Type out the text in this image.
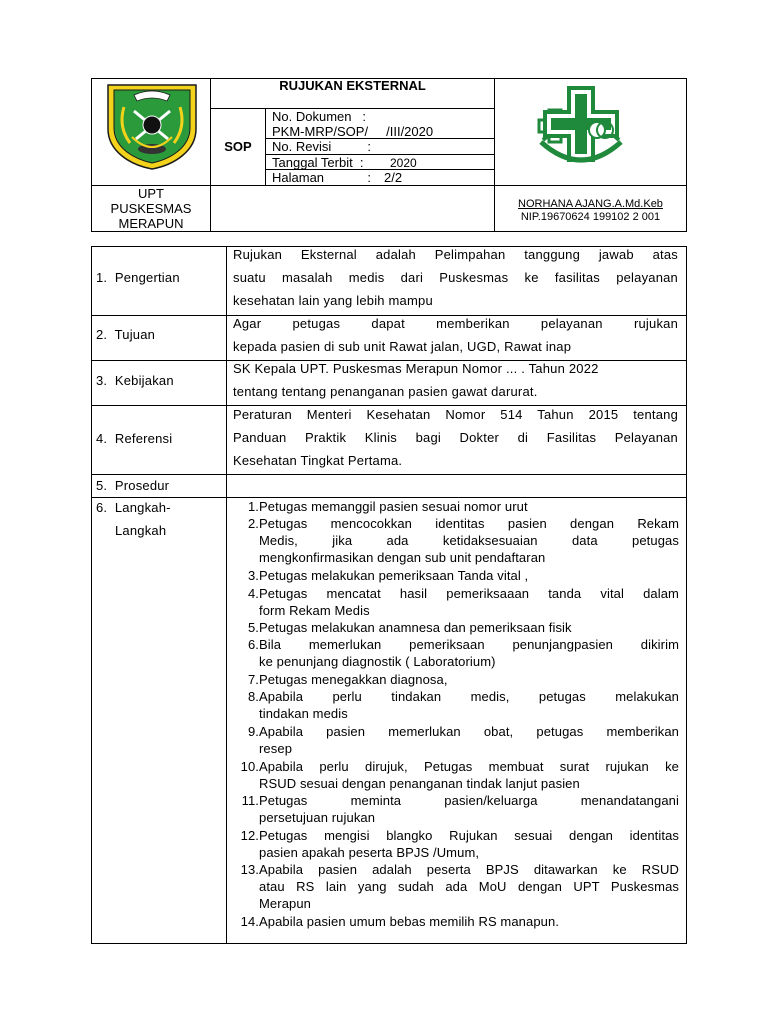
RUJUKAN EKSTERNAL
SOP
No. Dokumen   :
PKM-MRP/SOP/     /III/2020
No. Revisi          :
Tanggal Terbit  : 2020
Halaman            : 2/2
UPT
PUSKESMAS
MERAPUN
NORHANA AJANG.A.Md.Keb
NIP.19670624 199102 2 001
1.  Pengertian
2.  Tujuan
3.  Kebijakan
4.  Referensi
5.  Prosedur
6.  Langkah-
Langkah
Rujukan Eksternal adalah Pelimpahan tanggung jawab atas
suatu masalah medis dari Puskesmas ke fasilitas pelayanan
kesehatan lain yang lebih mampu
Agar petugas dapat memberikan pelayanan rujukan
kepada pasien di sub unit Rawat jalan, UGD, Rawat inap
SK Kepala UPT. Puskesmas Merapun Nomor ... . Tahun 2022
tentang tentang penanganan pasien gawat darurat.
Peraturan Menteri Kesehatan Nomor 514 Tahun 2015 tentang
Panduan Praktik Klinis bagi Dokter di Fasilitas Pelayanan
Kesehatan Tingkat Pertama.
1. Petugas memanggil pasien sesuai nomor urut
2. Petugas mencocokkan identitas pasien dengan Rekam
Medis, jika ada ketidaksesuaian data petugas
mengkonfirmasikan dengan sub unit pendaftaran
3. Petugas melakukan pemeriksaan Tanda vital ,
4. Petugas mencatat hasil pemeriksaaan tanda vital dalam
form Rekam Medis
5. Petugas melakukan anamnesa dan pemeriksaan fisik
6. Bila memerlukan pemeriksaan penunjangpasien dikirim
ke penunjang diagnostik ( Laboratorium)
7. Petugas menegakkan diagnosa,
8. Apabila perlu tindakan medis, petugas melakukan
tindakan medis
9. Apabila pasien memerlukan obat, petugas memberikan
resep
10. Apabila perlu dirujuk, Petugas membuat surat rujukan ke
RSUD sesuai dengan penanganan tindak lanjut pasien
11. Petugas meminta pasien/keluarga menandatangani
persetujuan rujukan
12. Petugas mengisi blangko Rujukan sesuai dengan identitas
pasien apakah peserta BPJS /Umum,
13. Apabila pasien adalah peserta BPJS ditawarkan ke RSUD
atau RS lain yang sudah ada MoU dengan UPT Puskesmas
Merapun
14. Apabila pasien umum bebas memilih RS manapun.
